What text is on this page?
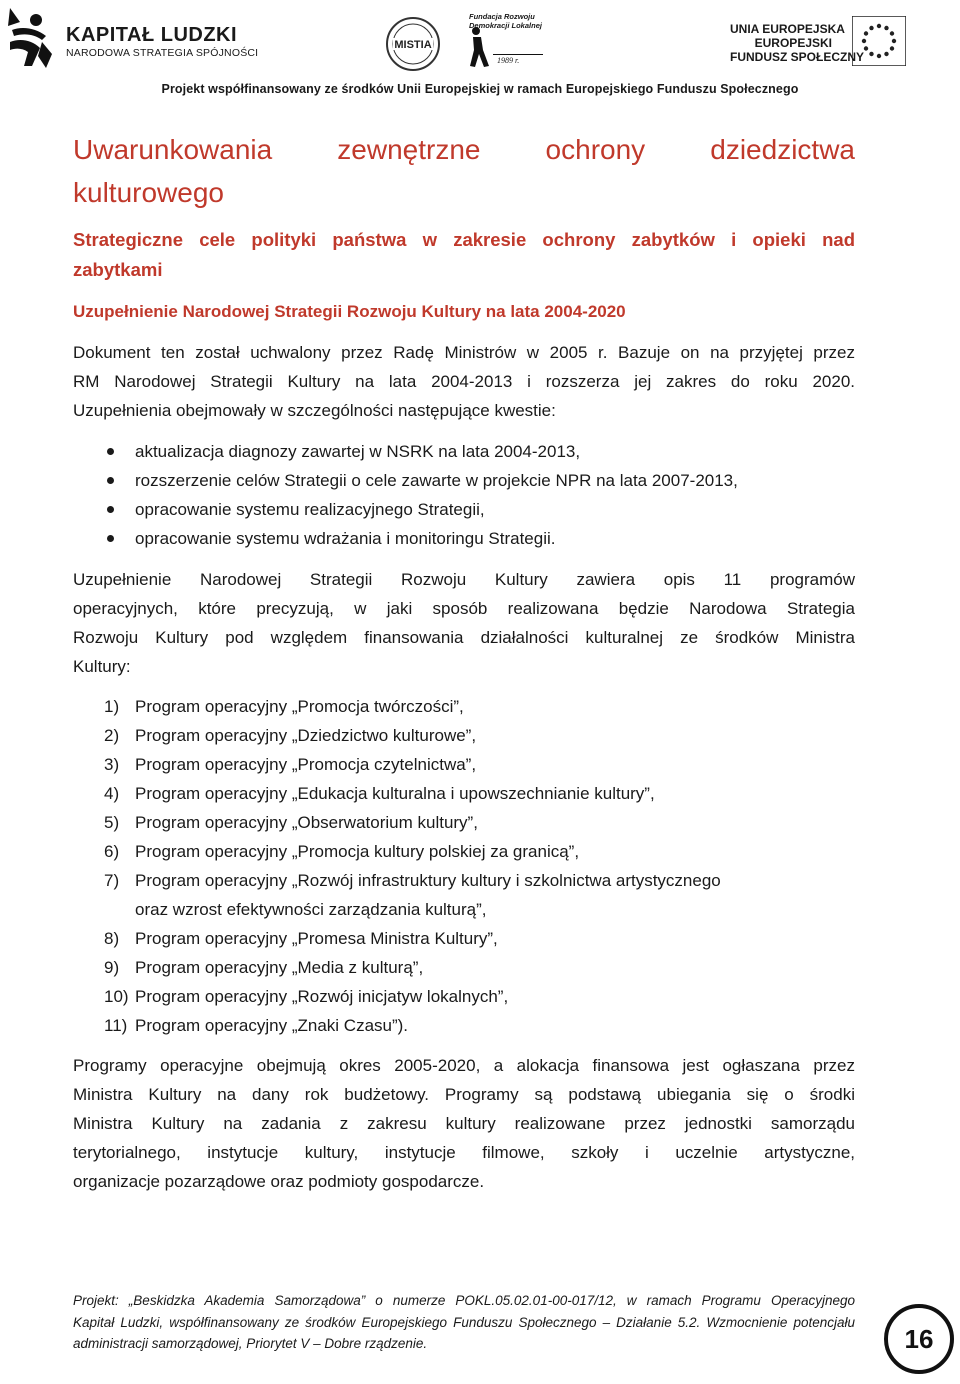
KAPITAŁ LUDZKI
NARODOWA STRATEGIA SPÓJNOŚCI
MISTIA
Fundacja Rozwoju
Demokracji Lokalnej
1989 r.
UNIA EUROPEJSKA
EUROPEJSKI
FUNDUSZ SPOŁECZNY
Projekt współfinansowany ze środków Unii Europejskiej w ramach Europejskiego Funduszu Społecznego
Uwarunkowania zewnętrzne ochrony dziedzictwa
kulturowego
Strategiczne cele polityki państwa w zakresie ochrony zabytków i opieki nad
zabytkami
Uzupełnienie Narodowej Strategii Rozwoju Kultury na lata 2004-2020
Dokument ten został uchwalony przez Radę Ministrów w 2005 r. Bazuje on na przyjętej przez
RM Narodowej Strategii Kultury na lata 2004-2013 i rozszerza jej zakres do roku 2020.
Uzupełnienia obejmowały w szczególności następujące kwestie:
aktualizacja diagnozy zawartej w NSRK na lata 2004-2013,
rozszerzenie celów Strategii o cele zawarte w projekcie NPR na lata 2007-2013,
opracowanie systemu realizacyjnego Strategii,
opracowanie systemu wdrażania i monitoringu Strategii.
Uzupełnienie Narodowej Strategii Rozwoju Kultury zawiera opis 11 programów
operacyjnych, które precyzują, w jaki sposób realizowana będzie Narodowa Strategia
Rozwoju Kultury pod względem finansowania działalności kulturalnej ze środków Ministra
Kultury:
1) Program operacyjny „Promocja twórczości”,
2) Program operacyjny „Dziedzictwo kulturowe”,
3) Program operacyjny „Promocja czytelnictwa”,
4) Program operacyjny „Edukacja kulturalna i upowszechnianie kultury”,
5) Program operacyjny „Obserwatorium kultury”,
6) Program operacyjny „Promocja kultury polskiej za granicą”,
7) Program operacyjny „Rozwój infrastruktury kultury i szkolnictwa artystycznego
oraz wzrost efektywności zarządzania kulturą”,
8) Program operacyjny „Promesa Ministra Kultury”,
9) Program operacyjny „Media z kulturą”,
10) Program operacyjny „Rozwój inicjatyw lokalnych”,
11) Program operacyjny „Znaki Czasu”).
Programy operacyjne obejmują okres 2005-2020, a alokacja finansowa jest ogłaszana przez
Ministra Kultury na dany rok budżetowy. Programy są podstawą ubiegania się o środki
Ministra Kultury na zadania z zakresu kultury realizowane przez jednostki samorządu
terytorialnego, instytucje kultury, instytucje filmowe, szkoły i uczelnie artystyczne,
organizacje pozarządowe oraz podmioty gospodarcze.
Projekt: „Beskidzka Akademia Samorządowa” o numerze POKL.05.02.01-00-017/12, w ramach Programu Operacyjnego
Kapitał Ludzki, współfinansowany ze środków Europejskiego Funduszu Społecznego – Działanie 5.2. Wzmocnienie potencjału
administracji samorządowej, Priorytet V – Dobre rządzenie.	16
